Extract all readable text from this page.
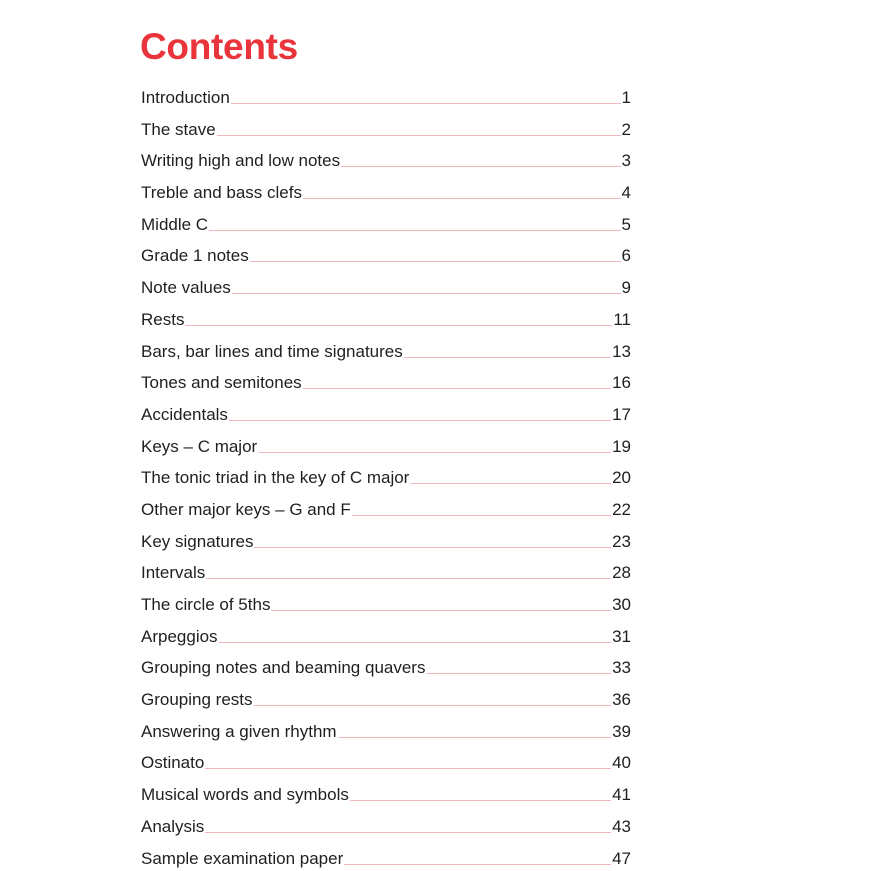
Contents
Introduction	1
The stave	2
Writing high and low notes	3
Treble and bass clefs	4
Middle C	5
Grade 1 notes	6
Note values	9
Rests	11
Bars, bar lines and time signatures	13
Tones and semitones	16
Accidentals	17
Keys – C major	19
The tonic triad in the key of C major	20
Other major keys – G and F	22
Key signatures	23
Intervals	28
The circle of 5ths	30
Arpeggios	31
Grouping notes and beaming quavers	33
Grouping rests	36
Answering a given rhythm	39
Ostinato	40
Musical words and symbols	41
Analysis	43
Sample examination paper	47
